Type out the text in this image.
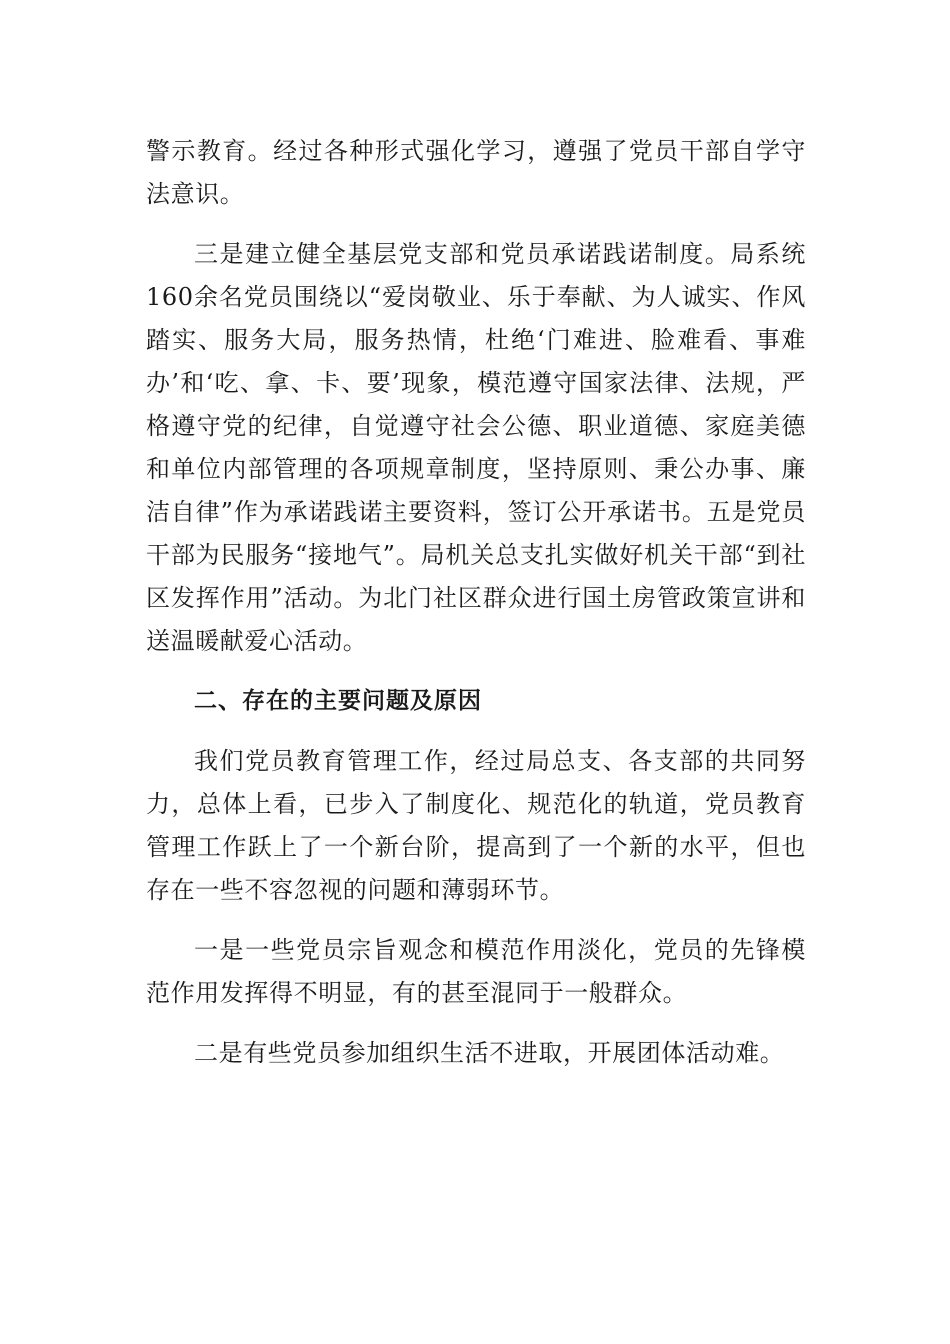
警示教育。经过各种形式强化学习，遵强了党员干部自学守法意识。

三是建立健全基层党支部和党员承诺践诺制度。局系统160余名党员围绕以“爱岗敬业、乐于奉献、为人诚实、作风踏实、服务大局，服务热情，杜绝‘门难进、脸难看、事难办’和‘吃、拿、卡、要’现象，模范遵守国家法律、法规，严格遵守党的纪律，自觉遵守社会公德、职业道德、家庭美德和单位内部管理的各项规章制度，坚持原则、秉公办事、廉洁自律”作为承诺践诺主要资料，签订公开承诺书。五是党员干部为民服务“接地气”。局机关总支扎实做好机关干部“到社区发挥作用”活动。为北门社区群众进行国土房管政策宣讲和送温暖献爱心活动。

二、存在的主要问题及原因

我们党员教育管理工作，经过局总支、各支部的共同努力，总体上看，已步入了制度化、规范化的轨道，党员教育管理工作跃上了一个新台阶，提高到了一个新的水平，但也存在一些不容忽视的问题和薄弱环节。

一是一些党员宗旨观念和模范作用淡化，党员的先锋模范作用发挥得不明显，有的甚至混同于一般群众。

二是有些党员参加组织生活不进取，开展团体活动难。
